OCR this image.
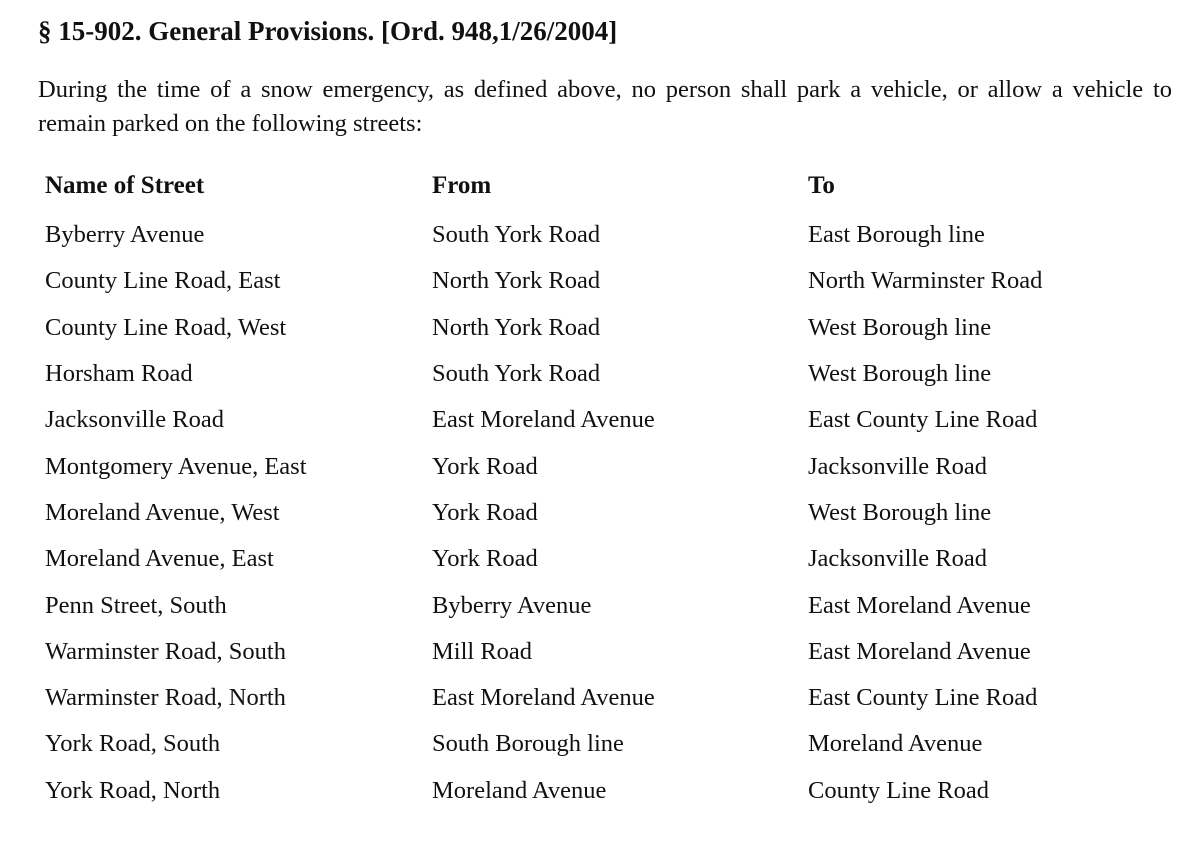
§ 15-902. General Provisions. [Ord. 948,1/26/2004]

During the time of a snow emergency, as defined above, no person shall park a vehicle, or allow a vehicle to remain parked on the following streets:

Name of Street	From	To
Byberry Avenue	South York Road	East Borough line
County Line Road, East	North York Road	North Warminster Road
County Line Road, West	North York Road	West Borough line
Horsham Road	South York Road	West Borough line
Jacksonville Road	East Moreland Avenue	East County Line Road
Montgomery Avenue, East	York Road	Jacksonville Road
Moreland Avenue, West	York Road	West Borough line
Moreland Avenue, East	York Road	Jacksonville Road
Penn Street, South	Byberry Avenue	East Moreland Avenue
Warminster Road, South	Mill Road	East Moreland Avenue
Warminster Road, North	East Moreland Avenue	East County Line Road
York Road, South	South Borough line	Moreland Avenue
York Road, North	Moreland Avenue	County Line Road
